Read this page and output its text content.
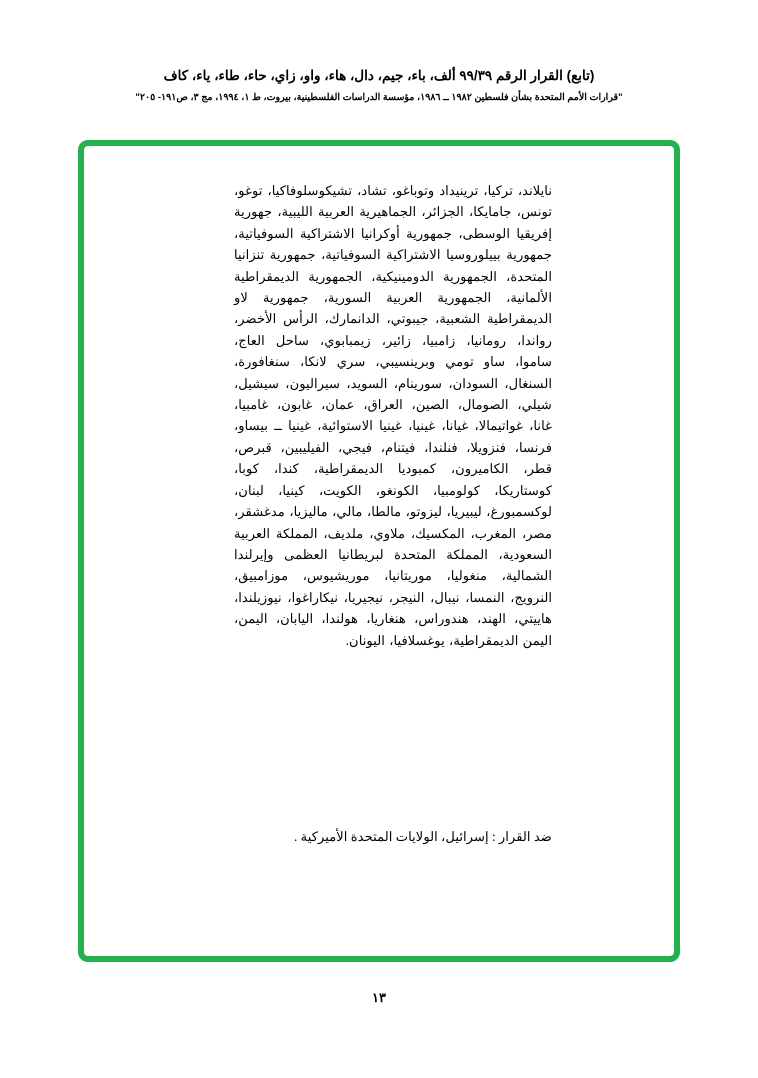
(تابع) القرار الرقم ٩٩/٣٩ ألف، باء، جيم، دال، هاء، واو، زاي، حاء، طاء، ياء، كاف

"قرارات الأمم المتحدة بشأن فلسطين ١٩٨٢ ــ ١٩٨٦، مؤسسة الدراسات الفلسطينية، بيروت، ط ١، ١٩٩٤، مج ٣، ص١٩١- ٢٠٥"

نايلاند، تركيا، ترينيداد وتوباغو، تشاد، تشيكوسلوفاكيا، توغو، تونس، جامايكا، الجزائر، الجماهيرية العربية الليبية، جهورية إفريقيا الوسطى، جمهورية أوكرانيا الاشتراكية السوفياتية، جمهورية بييلوروسيا الاشتراكية السوفياتية، جمهورية تنزانيا المتحدة، الجمهورية الدومينيكية، الجمهورية الديمقراطية الألمانية، الجمهورية العربية السورية، جمهورية لاو الديمقراطية الشعبية، جيبوتي، الدانمارك، الرأس الأخضر، رواندا، رومانيا، زامبيا، زائير، زيمبابوي، ساحل العاج، ساموا، ساو تومي وبرينسيبي، سري لانكا، سنغافورة، السنغال، السودان، سورينام، السويد، سيراليون، سيشيل، شيلي، الصومال، الصين، العراق، عمان، غابون، غامبيا، غانا، غواتيمالا، غيانا، غينيا، غينيا الاستوائية، غينيا ــ بيساو، فرنسا، فنزويلا، فنلندا، فيتنام، فيجي، الفيليبين، قبرص، قطر، الكاميرون، كمبوديا الديمقراطية، كندا، كوبا، كوستاريكا، كولومبيا، الكونغو، الكويت، كينيا، لبنان، لوكسمبورغ، ليبيريا، ليزوتو، مالطا، مالي، ماليزيا، مدغشقر، مصر، المغرب، المكسيك، ملاوي، ملديف، المملكة العربية السعودية، المملكة المتحدة لبريطانيا العظمى وإيرلندا الشمالية، منغوليا، موريتانيا، موريشيوس، موزامبيق، النرويج، النمسا، نيبال، النيجر، نيجيريا، نيكاراغوا، نيوزيلندا، هاييتي، الهند، هندوراس، هنغاريا، هولندا، اليابان، اليمن، اليمن الديمقراطية، يوغسلافيا، اليونان.

ضد القرار : إسرائيل، الولايات المتحدة الأميركية .
١٣
